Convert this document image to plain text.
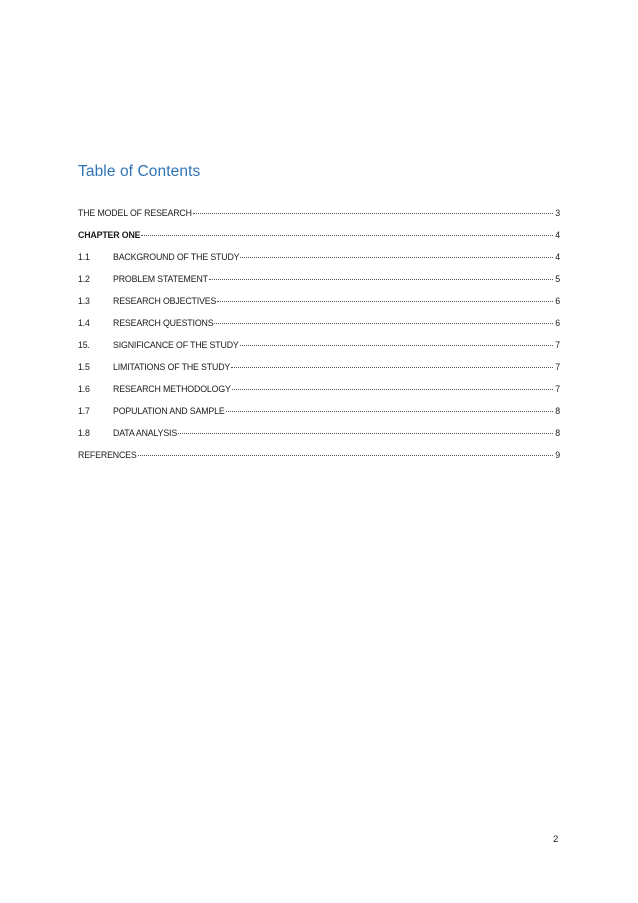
Table of Contents
THE MODEL OF RESEARCH	3
CHAPTER ONE	4
1.1	BACKGROUND OF THE STUDY	4
1.2	PROBLEM STATEMENT	5
1.3	RESEARCH OBJECTIVES	6
1.4	RESEARCH QUESTIONS	6
15.	SIGNIFICANCE OF THE STUDY	7
1.5	LIMITATIONS OF THE STUDY	7
1.6	RESEARCH METHODOLOGY	7
1.7	POPULATION AND SAMPLE	8
1.8	DATA ANALYSIS	8
REFERENCES	9
2
